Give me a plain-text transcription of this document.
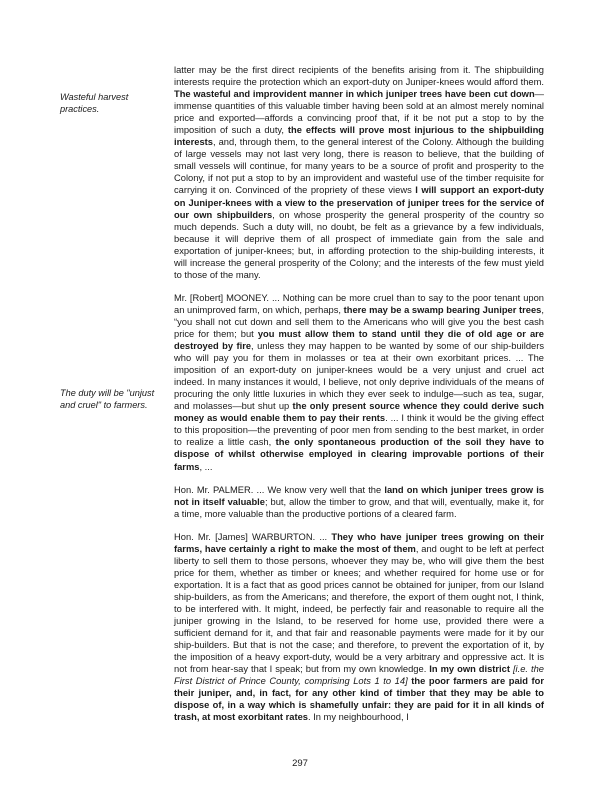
Wasteful harvest practices.
The duty will be "unjust and cruel" to farmers.

latter may be the first direct recipients of the benefits arising from it. The shipbuilding interests require the protection which an export-duty on Juniper-knees would afford them. The wasteful and improvident manner in which juniper trees have been cut down—immense quantities of this valuable timber having been sold at an almost merely nominal price and exported—affords a convincing proof that, if it be not put a stop to by the imposition of such a duty, the effects will prove most injurious to the shipbuilding interests, and, through them, to the general interest of the Colony. Although the building of large vessels may not last very long, there is reason to believe, that the building of small vessels will continue, for many years to be a source of profit and prosperity to the Colony, if not put a stop to by an improvident and wasteful use of the timber requisite for carrying it on. Convinced of the propriety of these views I will support an export-duty on Juniper-knees with a view to the preservation of juniper trees for the service of our own shipbuilders, on whose prosperity the general prosperity of the country so much depends. Such a duty will, no doubt, be felt as a grievance by a few individuals, because it will deprive them of all prospect of immediate gain from the sale and exportation of juniper-knees; but, in affording protection to the ship-building interests, it will increase the general prosperity of the Colony; and the interests of the few must yield to those of the many.

Mr. [Robert] MOONEY. ... Nothing can be more cruel than to say to the poor tenant upon an unimproved farm, on which, perhaps, there may be a swamp bearing Juniper trees, “you shall not cut down and sell them to the Americans who will give you the best cash price for them; but you must allow them to stand until they die of old age or are destroyed by fire, unless they may happen to be wanted by some of our ship-builders who will pay you for them in molasses or tea at their own exorbitant prices. ... The imposition of an export-duty on juniper-knees would be a very unjust and cruel act indeed. In many instances it would, I believe, not only deprive individuals of the means of procuring the only little luxuries in which they ever seek to indulge—such as tea, sugar, and molasses—but shut up the only present source whence they could derive such money as would enable them to pay their rents. ... I think it would be the giving effect to this proposition—the preventing of poor men from sending to the best market, in order to realize a little cash, the only spontaneous production of the soil they have to dispose of whilst otherwise employed in clearing improvable portions of their farms, ...

Hon. Mr. PALMER. ... We know very well that the land on which juniper trees grow is not in itself valuable; but, allow the timber to grow, and that will, eventually, make it, for a time, more valuable than the productive portions of a cleared farm.

Hon. Mr. [James] WARBURTON. ... They who have juniper trees growing on their farms, have certainly a right to make the most of them, and ought to be left at perfect liberty to sell them to those persons, whoever they may be, who will give them the best price for them, whether as timber or knees; and whether required for home use or for exportation. It is a fact that as good prices cannot be obtained for juniper, from our Island ship-builders, as from the Americans; and therefore, the export of them ought not, I think, to be interfered with. It might, indeed, be perfectly fair and reasonable to require all the juniper growing in the Island, to be reserved for home use, provided there were a sufficient demand for it, and that fair and reasonable payments were made for it by our ship-builders. But that is not the case; and therefore, to prevent the exportation of it, by the imposition of a heavy export-duty, would be a very arbitrary and oppressive act. It is not from hear-say that I speak; but from my own knowledge. In my own district [i.e. the First District of Prince County, comprising Lots 1 to 14] the poor farmers are paid for their juniper, and, in fact, for any other kind of timber that they may be able to dispose of, in a way which is shamefully unfair: they are paid for it in all kinds of trash, at most exorbitant rates. In my neighbourhood, I

297
